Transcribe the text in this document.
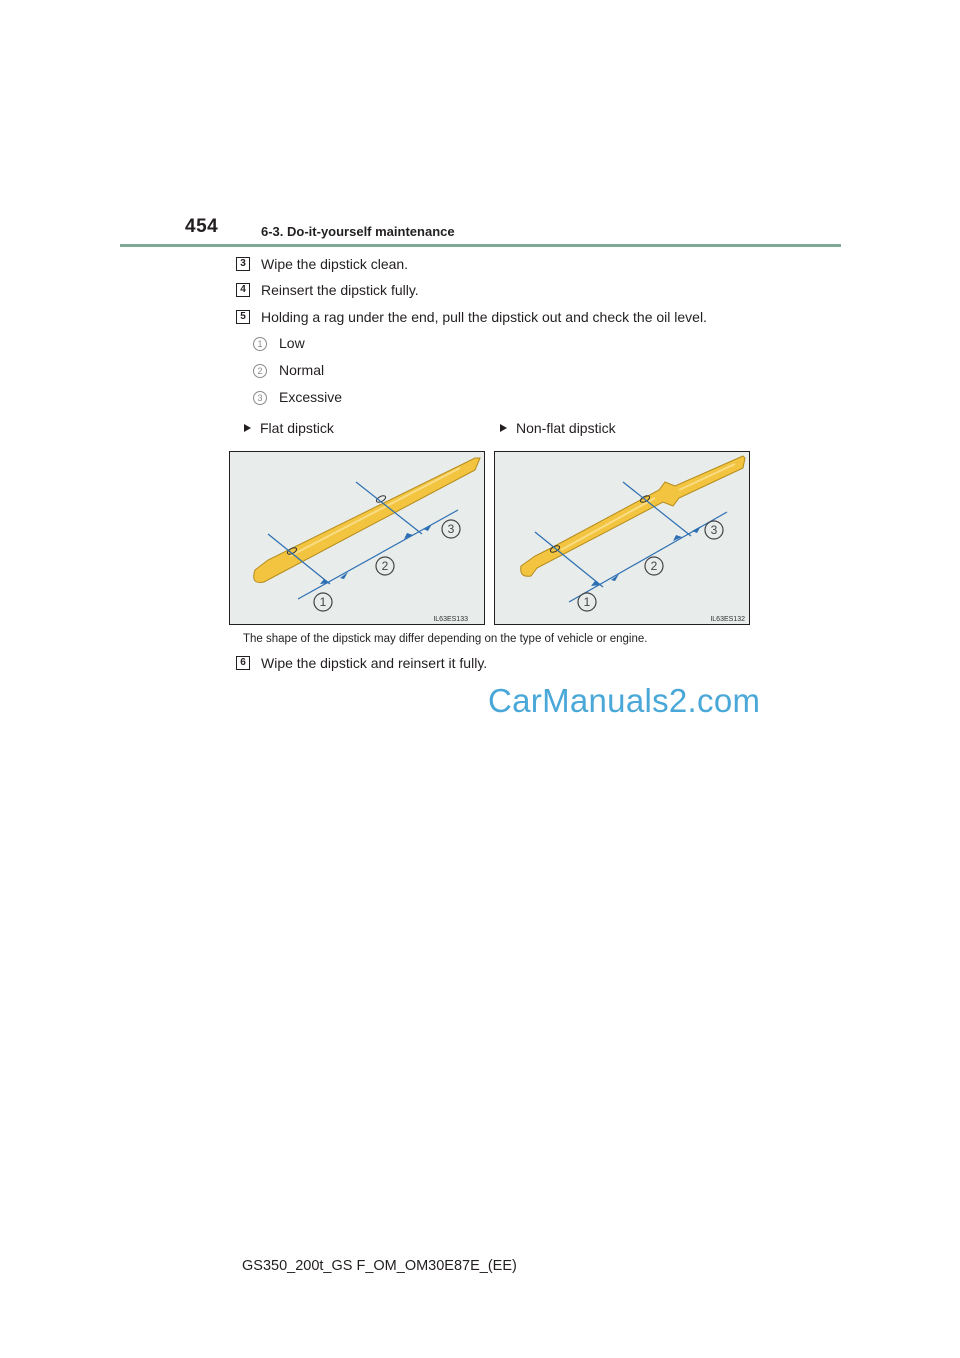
454	6-3. Do-it-yourself maintenance
3	Wipe the dipstick clean.
4	Reinsert the dipstick fully.
5	Holding a rag under the end, pull the dipstick out and check the oil level.
1	Low
2	Normal
3	Excessive
Flat dipstick	Non-flat dipstick
1
2
3
IL63ES133
1
2
3
IL63ES132
The shape of the dipstick may differ depending on the type of vehicle or engine.
6	Wipe the dipstick and reinsert it fully.
CarManuals2.com
GS350_200t_GS F_OM_OM30E87E_(EE)
